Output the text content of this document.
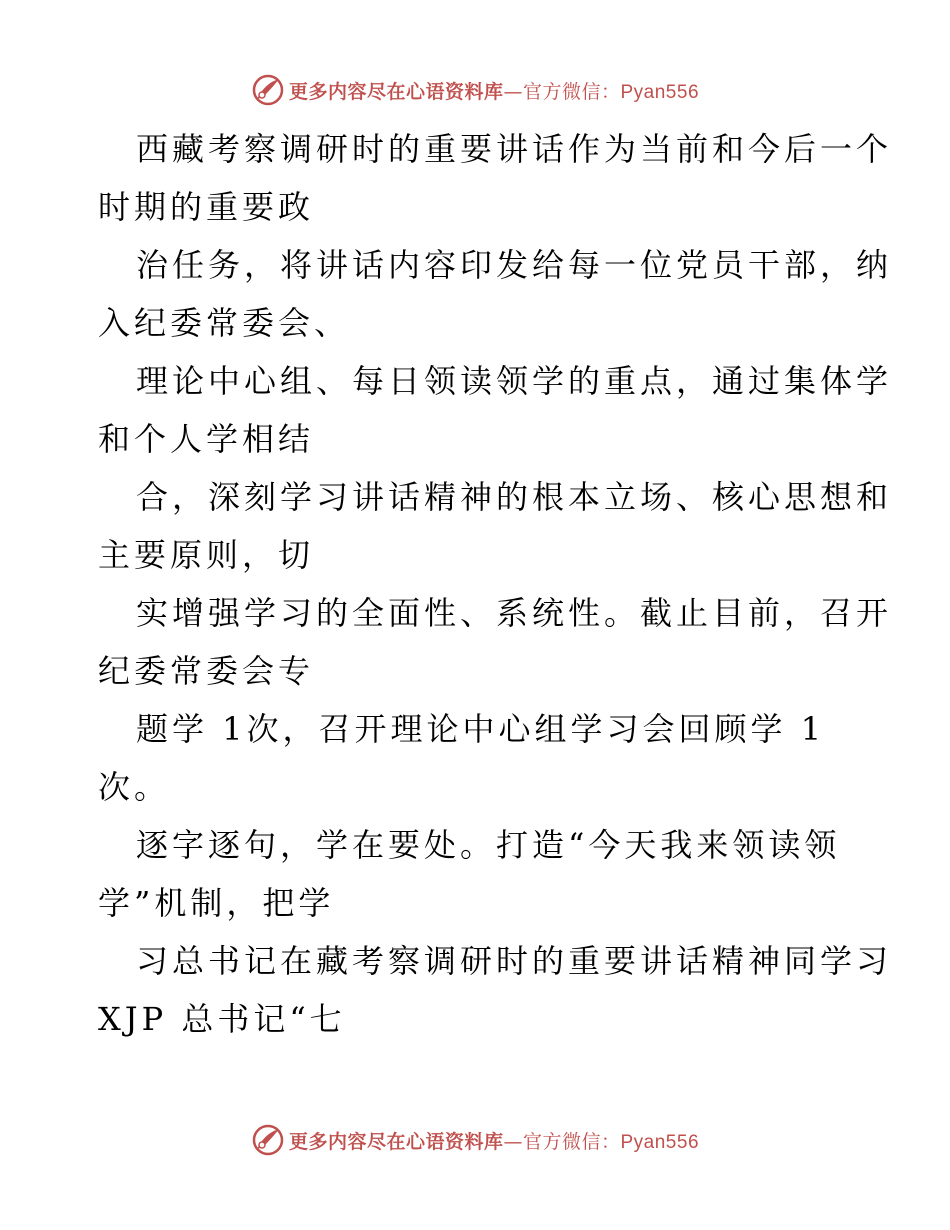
更多内容尽在心语资料库—官方微信：Pyan556

西藏考察调研时的重要讲话作为当前和今后一个
时期的重要政

治任务，将讲话内容印发给每一位党员干部，纳
入纪委常委会、

理论中心组、每日领读领学的重点，通过集体学
和个人学相结

合，深刻学习讲话精神的根本立场、核心思想和
主要原则，切

实增强学习的全面性、系统性。截止目前，召开
纪委常委会专

题学 1次，召开理论中心组学习会回顾学 1
次。

逐字逐句，学在要处。打造“今天我来领读领
学”机制，把学

习总书记在藏考察调研时的重要讲话精神同学习
XJP 总书记“七

更多内容尽在心语资料库—官方微信：Pyan556
